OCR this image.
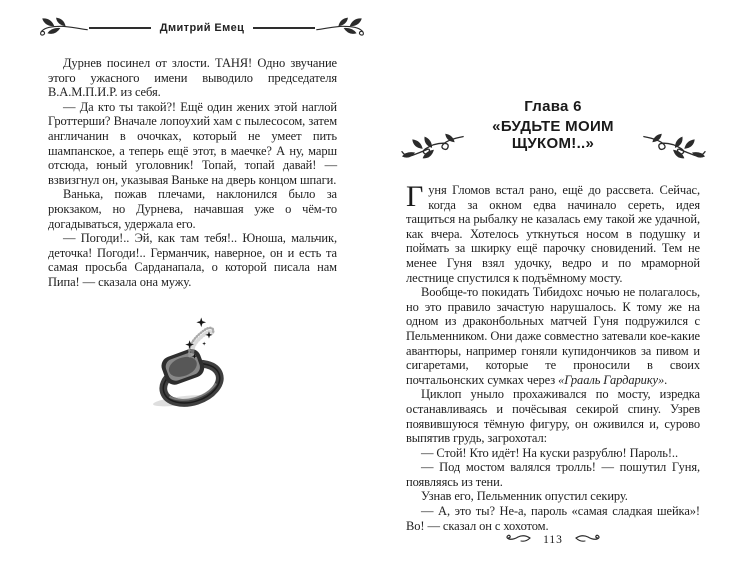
Дмитрий Емец

Дурнев посинел от злости. ТАНЯ! Одно звучание этого ужасного имени выводило председателя В.А.М.П.И.Р. из себя.

— Да кто ты такой?! Ещё один жених этой наглой Гроттерши? Вначале лопоухий хам с пылесосом, затем англичанин в очочках, который не умеет пить шампанское, а теперь ещё этот, в маечке? А ну, марш отсюда, юный уголовник! Топай, топай давай! — взвизгнул он, указывая Ваньке на дверь концом шпаги.

Ванька, пожав плечами, наклонился было за рюкзаком, но Дурнева, начавшая уже о чём-то догадываться, удержала его.

— Погоди!.. Эй, как там тебя!.. Юноша, мальчик, деточка! Погоди!.. Германчик, наверное, он и есть та самая просьба Сарданапала, о которой писала нам Пипа! — сказала она мужу.

Глава 6
«БУДЬТЕ МОИМ ЩУКОМ!..»

Гуня Гломов встал рано, ещё до рассвета. Сейчас, когда за окном едва начинало сереть, идея тащиться на рыбалку не казалась ему такой же удачной, как вчера. Хотелось уткнуться носом в подушку и поймать за шкирку ещё парочку сновидений. Тем не менее Гуня взял удочку, ведро и по мраморной лестнице спустился к подъёмному мосту.

Вообще-то покидать Тибидохс ночью не полагалось, но это правило зачастую нарушалось. К тому же на одном из драконбольных матчей Гуня подружился с Пельменником. Они даже совместно затевали кое-какие авантюры, например гоняли купидончиков за пивом и сигаретами, которые те проносили в своих почтальонских сумках через «Грааль Гардарику».

Циклоп уныло прохаживался по мосту, изредка останавливаясь и почёсывая секирой спину. Узрев появившуюся тёмную фигуру, он оживился и, сурово выпятив грудь, загрохотал:

— Стой! Кто идёт! На куски разрублю! Пароль!..

— Под мостом валялся тролль! — пошутил Гуня, появляясь из тени.

Узнав его, Пельменник опустил секиру.

— А, это ты? Не-а, пароль «самая сладкая шейка»! Во! — сказал он с хохотом.

113
